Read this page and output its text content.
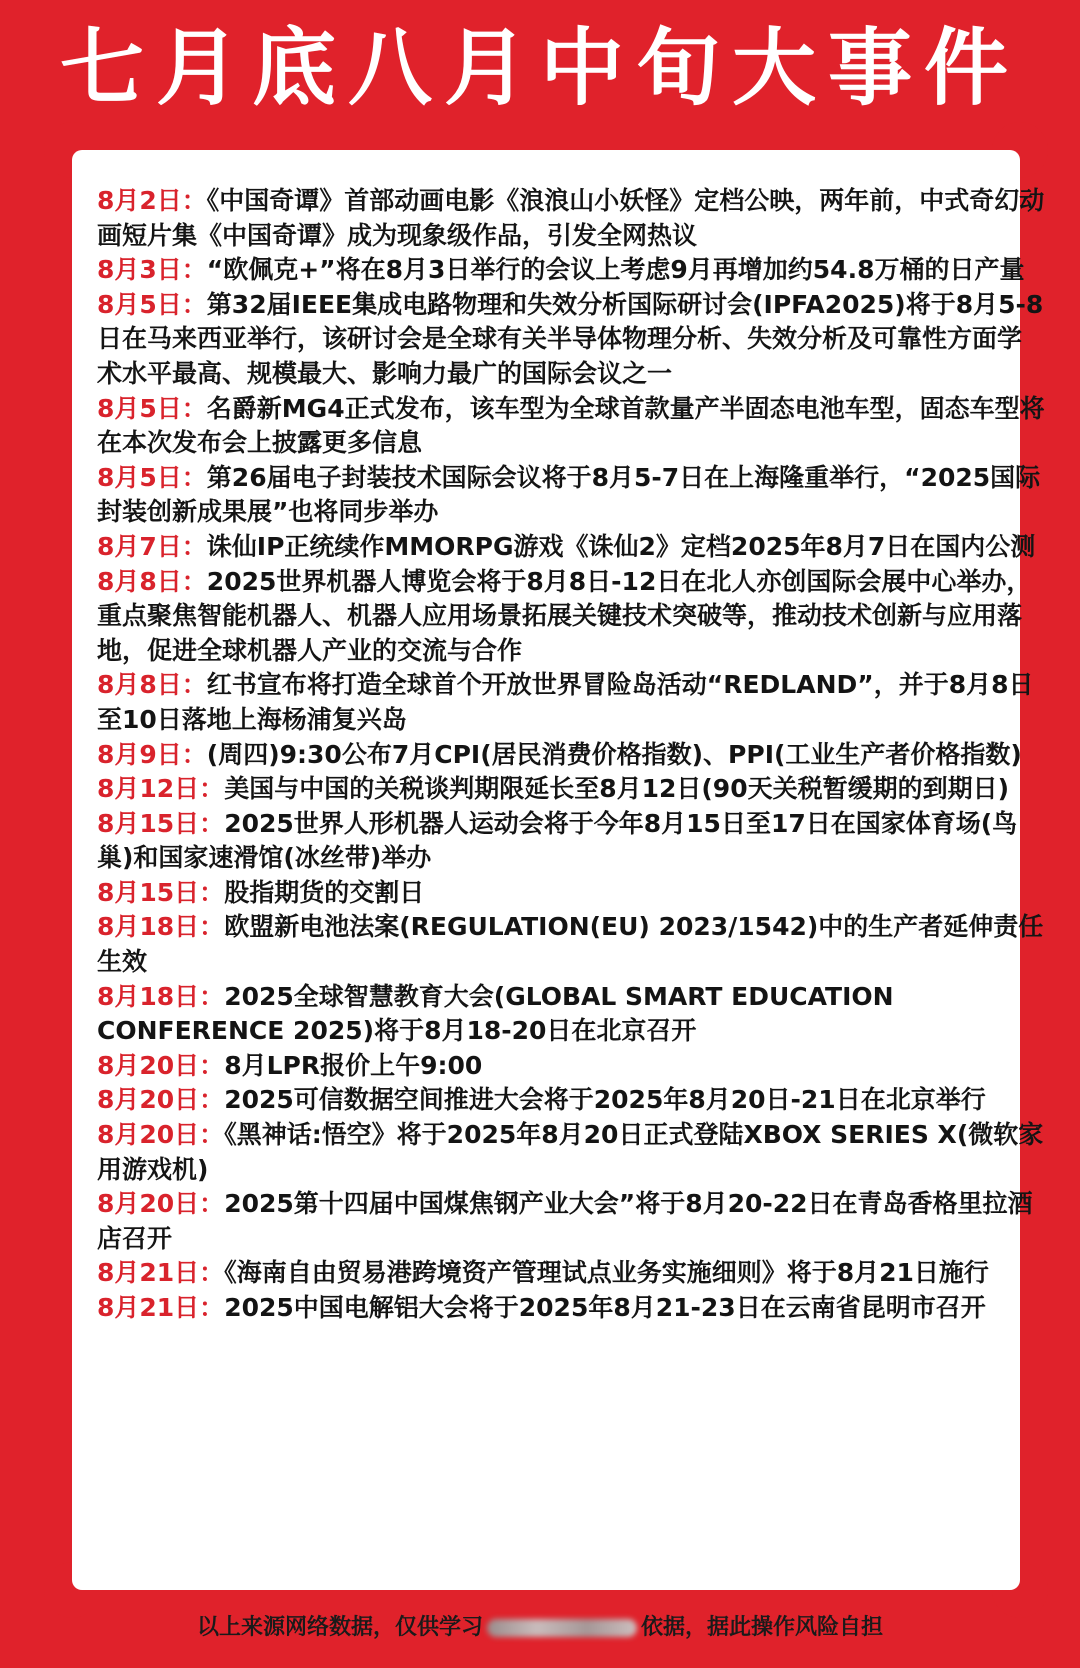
七月底八月中旬大事件

8月2日：《中国奇谭》首部动画电影《浪浪山小妖怪》定档公映，两年前，中式奇幻动画短片集《中国奇谭》成为现象级作品，引发全网热议

8月3日：“欧佩克+”将在8月3日举行的会议上考虑9月再增加约54.8万桶的日产量

8月5日：第32届IEEE集成电路物理和失效分析国际研讨会(IPFA2025)将于8月5-8日在马来西亚举行，该研讨会是全球有关半导体物理分析、失效分析及可靠性方面学术水平最高、规模最大、影响力最广的国际会议之一

8月5日：名爵新MG4正式发布，该车型为全球首款量产半固态电池车型，固态车型将在本次发布会上披露更多信息

8月5日：第26届电子封装技术国际会议将于8月5-7日在上海隆重举行，“2025国际封装创新成果展”也将同步举办

8月7日：诛仙IP正统续作MMORPG游戏《诛仙2》定档2025年8月7日在国内公测

8月8日：2025世界机器人博览会将于8月8日-12日在北人亦创国际会展中心举办，重点聚焦智能机器人、机器人应用场景拓展关键技术突破等，推动技术创新与应用落地，促进全球机器人产业的交流与合作

8月8日：红书宣布将打造全球首个开放世界冒险岛活动“REDLAND”，并于8月8日至10日落地上海杨浦复兴岛

8月9日：(周四)9:30公布7月CPI(居民消费价格指数)、PPI(工业生产者价格指数)

8月12日：美国与中国的关税谈判期限延长至8月12日(90天关税暂缓期的到期日)

8月15日：2025世界人形机器人运动会将于今年8月15日至17日在国家体育场(鸟巢)和国家速滑馆(冰丝带)举办

8月15日：股指期货的交割日

8月18日：欧盟新电池法案(REGULATION(EU) 2023/1542)中的生产者延伸责任生效

8月18日：2025全球智慧教育大会(GLOBAL SMART EDUCATION CONFERENCE 2025)将于8月18-20日在北京召开

8月20日：8月LPR报价上午9:00

8月20日：2025可信数据空间推进大会将于2025年8月20日-21日在北京举行

8月20日：《黑神话:悟空》将于2025年8月20日正式登陆XBOX SERIES X(微软家用游戏机)

8月20日：2025第十四届中国煤焦钢产业大会”将于8月20-22日在青岛香格里拉酒店召开

8月21日：《海南自由贸易港跨境资产管理试点业务实施细则》将于8月21日施行

8月21日：2025中国电解铝大会将于2025年8月21-23日在云南省昆明市召开

以上来源网络数据，仅供学习	依据，据此操作风险自担
